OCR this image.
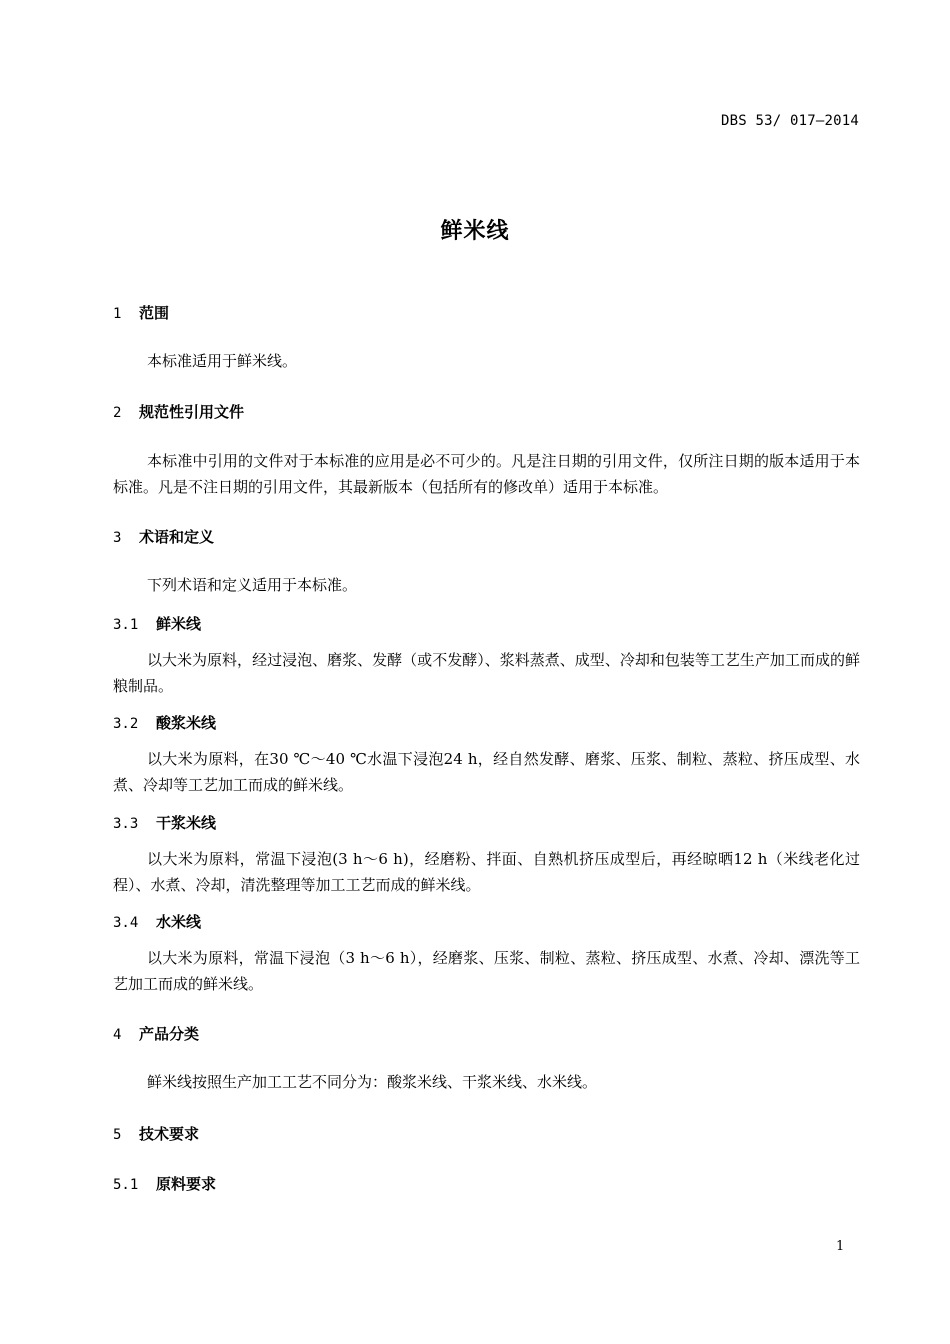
DBS 53/ 017—2014
鲜米线
1 范围
本标准适用于鲜米线。
2 规范性引用文件
本标准中引用的文件对于本标准的应用是必不可少的。凡是注日期的引用文件，仅所注日期的版本适用于本标准。凡是不注日期的引用文件，其最新版本（包括所有的修改单）适用于本标准。
3 术语和定义
下列术语和定义适用于本标准。
3.1 鲜米线
以大米为原料，经过浸泡、磨浆、发酵（或不发酵）、浆料蒸煮、成型、冷却和包装等工艺生产加工而成的鲜粮制品。
3.2 酸浆米线
以大米为原料，在30 ℃～40 ℃水温下浸泡24 h，经自然发酵、磨浆、压浆、制粒、蒸粒、挤压成型、水煮、冷却等工艺加工而成的鲜米线。
3.3 干浆米线
以大米为原料，常温下浸泡(3 h～6 h)，经磨粉、拌面、自熟机挤压成型后，再经晾晒12 h（米线老化过程）、水煮、冷却，清洗整理等加工工艺而成的鲜米线。
3.4 水米线
以大米为原料，常温下浸泡（3 h～6 h），经磨浆、压浆、制粒、蒸粒、挤压成型、水煮、冷却、漂洗等工艺加工而成的鲜米线。
4 产品分类
鲜米线按照生产加工工艺不同分为：酸浆米线、干浆米线、水米线。
5 技术要求
5.1 原料要求
1
